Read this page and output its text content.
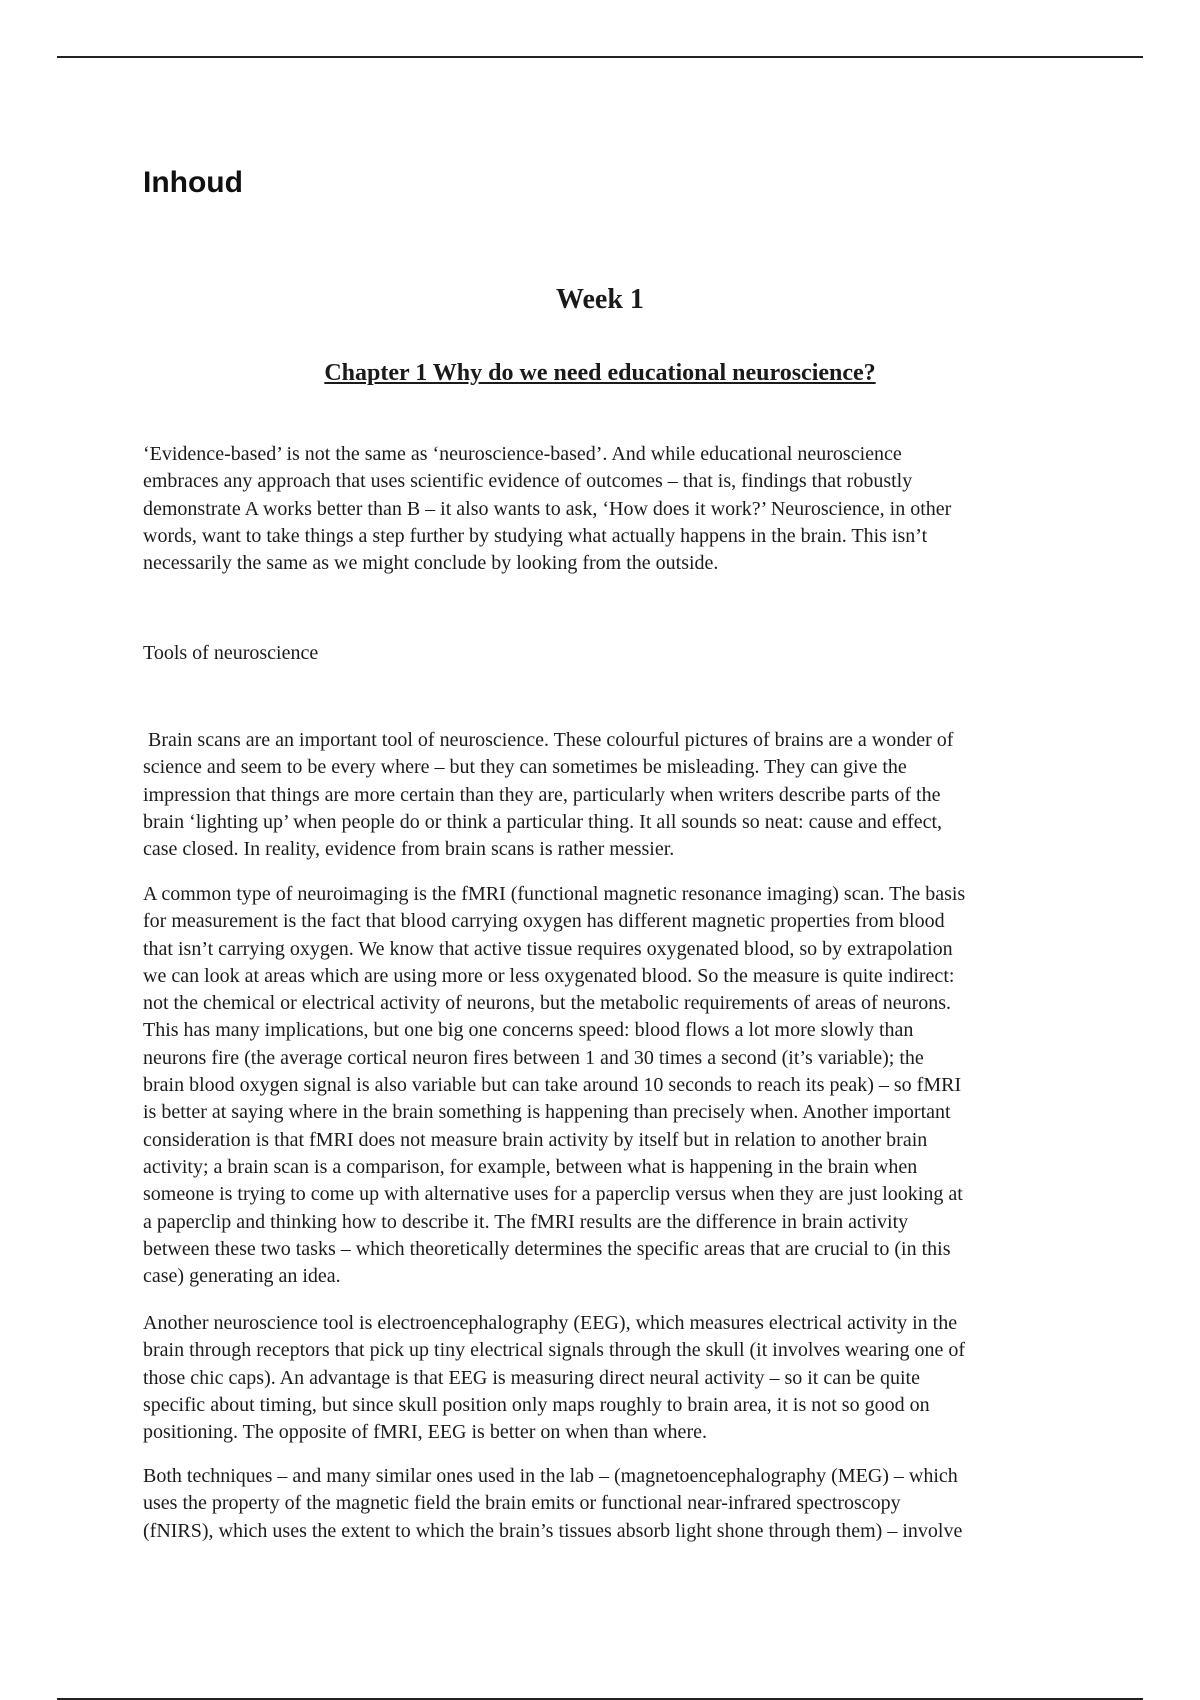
Inhoud
Week 1
Chapter 1 Why do we need educational neuroscience?

‘Evidence-based’ is not the same as ‘neuroscience-based’. And while educational neuroscience
embraces any approach that uses scientific evidence of outcomes – that is, findings that robustly
demonstrate A works better than B – it also wants to ask, ‘How does it work?’ Neuroscience, in other
words, want to take things a step further by studying what actually happens in the brain. This isn’t
necessarily the same as we might conclude by looking from the outside.

Tools of neuroscience

Brain scans are an important tool of neuroscience. These colourful pictures of brains are a wonder of
science and seem to be every where – but they can sometimes be misleading. They can give the
impression that things are more certain than they are, particularly when writers describe parts of the
brain ‘lighting up’ when people do or think a particular thing. It all sounds so neat: cause and effect,
case closed. In reality, evidence from brain scans is rather messier.

A common type of neuroimaging is the fMRI (functional magnetic resonance imaging) scan. The basis
for measurement is the fact that blood carrying oxygen has different magnetic properties from blood
that isn’t carrying oxygen. We know that active tissue requires oxygenated blood, so by extrapolation
we can look at areas which are using more or less oxygenated blood. So the measure is quite indirect:
not the chemical or electrical activity of neurons, but the metabolic requirements of areas of neurons.
This has many implications, but one big one concerns speed: blood flows a lot more slowly than
neurons fire (the average cortical neuron fires between 1 and 30 times a second (it’s variable); the
brain blood oxygen signal is also variable but can take around 10 seconds to reach its peak) – so fMRI
is better at saying where in the brain something is happening than precisely when. Another important
consideration is that fMRI does not measure brain activity by itself but in relation to another brain
activity; a brain scan is a comparison, for example, between what is happening in the brain when
someone is trying to come up with alternative uses for a paperclip versus when they are just looking at
a paperclip and thinking how to describe it. The fMRI results are the difference in brain activity
between these two tasks – which theoretically determines the specific areas that are crucial to (in this
case) generating an idea.

Another neuroscience tool is electroencephalography (EEG), which measures electrical activity in the
brain through receptors that pick up tiny electrical signals through the skull (it involves wearing one of
those chic caps). An advantage is that EEG is measuring direct neural activity – so it can be quite
specific about timing, but since skull position only maps roughly to brain area, it is not so good on
positioning. The opposite of fMRI, EEG is better on when than where.

Both techniques – and many similar ones used in the lab – (magnetoencephalography (MEG) – which
uses the property of the magnetic field the brain emits or functional near-infrared spectroscopy
(fNIRS), which uses the extent to which the brain’s tissues absorb light shone through them) – involve
